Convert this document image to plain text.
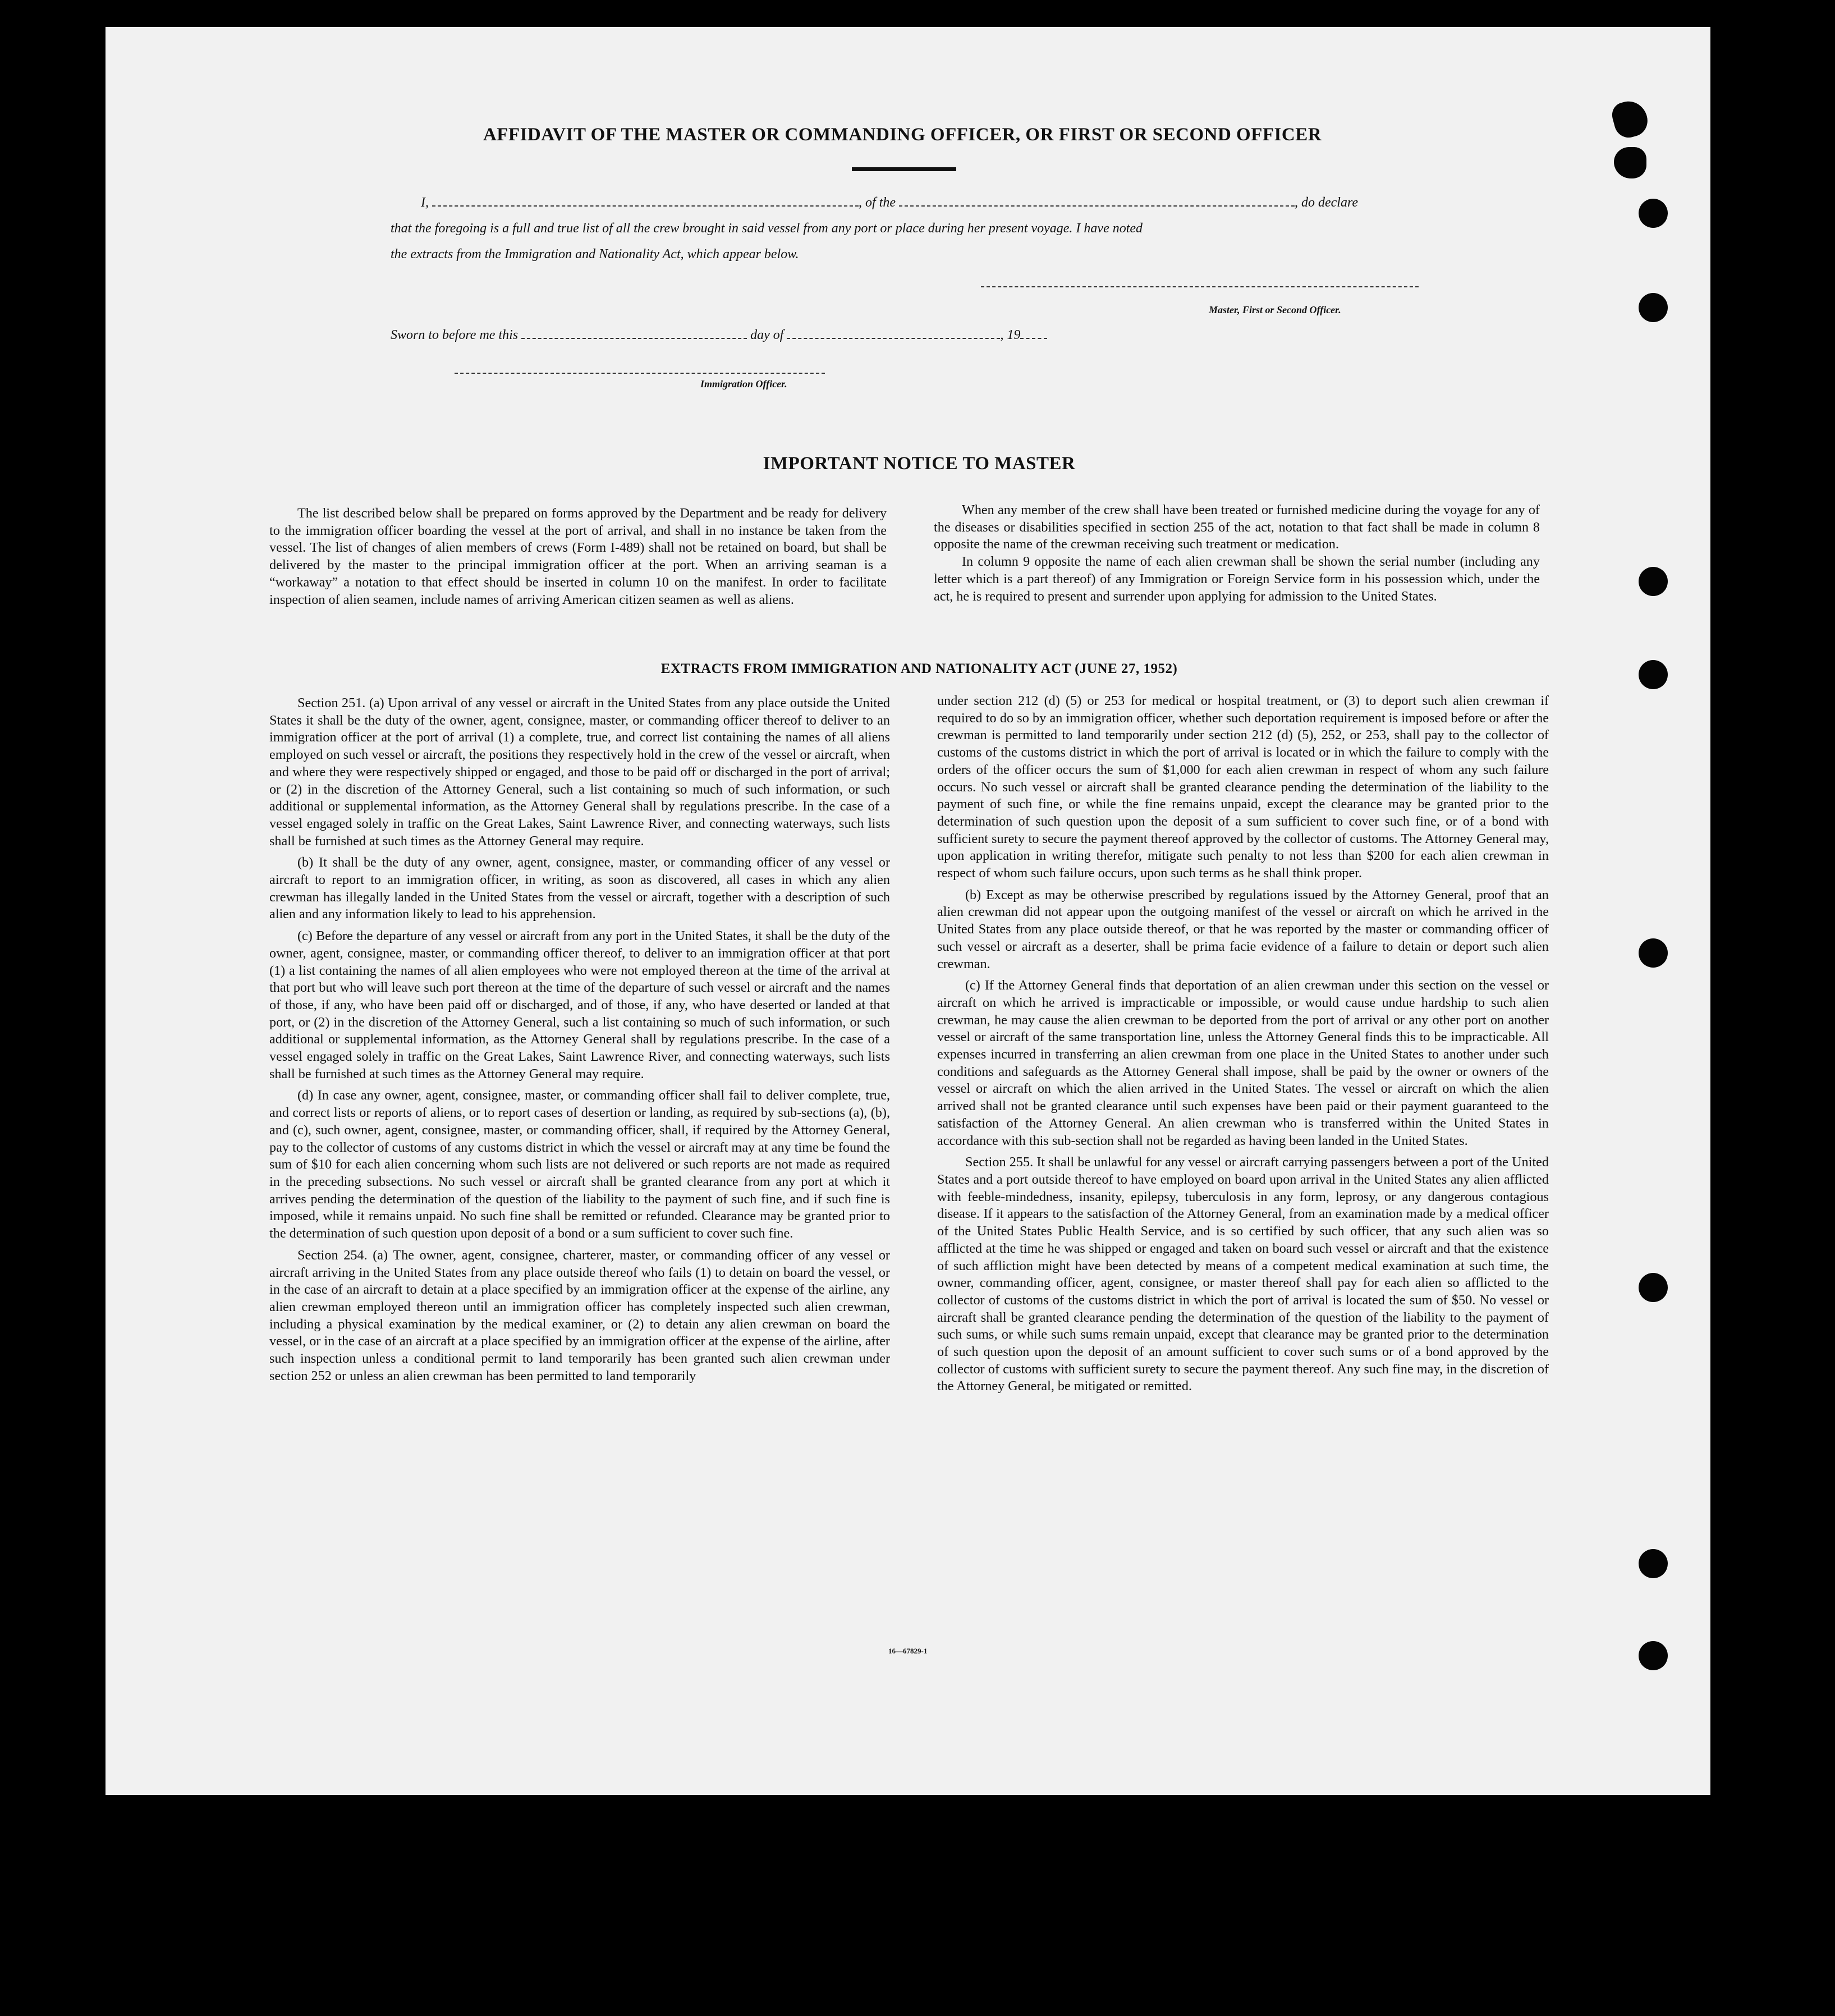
AFFIDAVIT OF THE MASTER OR COMMANDING OFFICER, OR FIRST OR SECOND OFFICER
I,	, of the	, do declare
that the foregoing is a full and true list of all the crew brought in said vessel from any port or place during her present voyage. I have noted
the extracts from the Immigration and Nationality Act, which appear below.
Master, First or Second Officer.
Sworn to before me this	day of	, 19
Immigration Officer.
IMPORTANT NOTICE TO MASTER

The list described below shall be prepared on forms approved by the Department and be ready for delivery to the immigration officer boarding the vessel at the port of arrival, and shall in no instance be taken from the vessel. The list of changes of alien members of crews (Form I-489) shall not be retained on board, but shall be delivered by the master to the principal immigration officer at the port. When an arriving seaman is a “workaway” a notation to that effect should be inserted in column 10 on the manifest. In order to facilitate inspection of alien seamen, include names of arriving American citizen seamen as well as aliens.

When any member of the crew shall have been treated or furnished medicine during the voyage for any of the diseases or disabilities specified in section 255 of the act, notation to that fact shall be made in column 8 opposite the name of the crewman receiving such treatment or medication.

In column 9 opposite the name of each alien crewman shall be shown the serial number (including any letter which is a part thereof) of any Immigration or Foreign Service form in his possession which, under the act, he is required to present and surrender upon applying for admission to the United States.

EXTRACTS FROM IMMIGRATION AND NATIONALITY ACT (JUNE 27, 1952)

Section 251. (a) Upon arrival of any vessel or aircraft in the United States from any place outside the United States it shall be the duty of the owner, agent, consignee, master, or commanding officer thereof to deliver to an immigration officer at the port of arrival (1) a complete, true, and correct list containing the names of all aliens employed on such vessel or aircraft, the positions they respectively hold in the crew of the vessel or aircraft, when and where they were respectively shipped or engaged, and those to be paid off or discharged in the port of arrival; or (2) in the discretion of the Attorney General, such a list containing so much of such information, or such additional or supplemental information, as the Attorney General shall by regulations prescribe. In the case of a vessel engaged solely in traffic on the Great Lakes, Saint Lawrence River, and connecting waterways, such lists shall be furnished at such times as the Attorney General may require.

(b) It shall be the duty of any owner, agent, consignee, master, or commanding officer of any vessel or aircraft to report to an immigration officer, in writing, as soon as discovered, all cases in which any alien crewman has illegally landed in the United States from the vessel or aircraft, together with a description of such alien and any information likely to lead to his apprehension.

(c) Before the departure of any vessel or aircraft from any port in the United States, it shall be the duty of the owner, agent, consignee, master, or commanding officer thereof, to deliver to an immigration officer at that port (1) a list containing the names of all alien employees who were not employed thereon at the time of the arrival at that port but who will leave such port thereon at the time of the departure of such vessel or aircraft and the names of those, if any, who have been paid off or discharged, and of those, if any, who have deserted or landed at that port, or (2) in the discretion of the Attorney General, such a list containing so much of such information, or such additional or supplemental information, as the Attorney General shall by regulations prescribe. In the case of a vessel engaged solely in traffic on the Great Lakes, Saint Lawrence River, and connecting waterways, such lists shall be furnished at such times as the Attorney General may require.

(d) In case any owner, agent, consignee, master, or commanding officer shall fail to deliver complete, true, and correct lists or reports of aliens, or to report cases of desertion or landing, as required by sub-sections (a), (b), and (c), such owner, agent, consignee, master, or commanding officer, shall, if required by the Attorney General, pay to the collector of customs of any customs district in which the vessel or aircraft may at any time be found the sum of $10 for each alien concerning whom such lists are not delivered or such reports are not made as required in the preceding subsections. No such vessel or aircraft shall be granted clearance from any port at which it arrives pending the determination of the question of the liability to the payment of such fine, and if such fine is imposed, while it remains unpaid. No such fine shall be remitted or refunded. Clearance may be granted prior to the determination of such question upon deposit of a bond or a sum sufficient to cover such fine.

Section 254. (a) The owner, agent, consignee, charterer, master, or commanding officer of any vessel or aircraft arriving in the United States from any place outside thereof who fails (1) to detain on board the vessel, or in the case of an aircraft to detain at a place specified by an immigration officer at the expense of the airline, any alien crewman employed thereon until an immigration officer has completely inspected such alien crewman, including a physical examination by the medical examiner, or (2) to detain any alien crewman on board the vessel, or in the case of an aircraft at a place specified by an immigration officer at the expense of the airline, after such inspection unless a conditional permit to land temporarily has been granted such alien crewman under section 252 or unless an alien crewman has been permitted to land temporarily

under section 212 (d) (5) or 253 for medical or hospital treatment, or (3) to deport such alien crewman if required to do so by an immigration officer, whether such deportation requirement is imposed before or after the crewman is permitted to land temporarily under section 212 (d) (5), 252, or 253, shall pay to the collector of customs of the customs district in which the port of arrival is located or in which the failure to comply with the orders of the officer occurs the sum of $1,000 for each alien crewman in respect of whom any such failure occurs. No such vessel or aircraft shall be granted clearance pending the determination of the liability to the payment of such fine, or while the fine remains unpaid, except the clearance may be granted prior to the determination of such question upon the deposit of a sum sufficient to cover such fine, or of a bond with sufficient surety to secure the payment thereof approved by the collector of customs. The Attorney General may, upon application in writing therefor, mitigate such penalty to not less than $200 for each alien crewman in respect of whom such failure occurs, upon such terms as he shall think proper.

(b) Except as may be otherwise prescribed by regulations issued by the Attorney General, proof that an alien crewman did not appear upon the outgoing manifest of the vessel or aircraft on which he arrived in the United States from any place outside thereof, or that he was reported by the master or commanding officer of such vessel or aircraft as a deserter, shall be prima facie evidence of a failure to detain or deport such alien crewman.

(c) If the Attorney General finds that deportation of an alien crewman under this section on the vessel or aircraft on which he arrived is impracticable or impossible, or would cause undue hardship to such alien crewman, he may cause the alien crewman to be deported from the port of arrival or any other port on another vessel or aircraft of the same transportation line, unless the Attorney General finds this to be impracticable. All expenses incurred in transferring an alien crewman from one place in the United States to another under such conditions and safeguards as the Attorney General shall impose, shall be paid by the owner or owners of the vessel or aircraft on which the alien arrived in the United States. The vessel or aircraft on which the alien arrived shall not be granted clearance until such expenses have been paid or their payment guaranteed to the satisfaction of the Attorney General. An alien crewman who is transferred within the United States in accordance with this sub-section shall not be regarded as having been landed in the United States.

Section 255. It shall be unlawful for any vessel or aircraft carrying passengers between a port of the United States and a port outside thereof to have employed on board upon arrival in the United States any alien afflicted with feeble-mindedness, insanity, epilepsy, tuberculosis in any form, leprosy, or any dangerous contagious disease. If it appears to the satisfaction of the Attorney General, from an examination made by a medical officer of the United States Public Health Service, and is so certified by such officer, that any such alien was so afflicted at the time he was shipped or engaged and taken on board such vessel or aircraft and that the existence of such affliction might have been detected by means of a competent medical examination at such time, the owner, commanding officer, agent, consignee, or master thereof shall pay for each alien so afflicted to the collector of customs of the customs district in which the port of arrival is located the sum of $50. No vessel or aircraft shall be granted clearance pending the determination of the question of the liability to the payment of such sums, or while such sums remain unpaid, except that clearance may be granted prior to the determination of such question upon the deposit of an amount sufficient to cover such sums or of a bond approved by the collector of customs with sufficient surety to secure the payment thereof. Any such fine may, in the discretion of the Attorney General, be mitigated or remitted.

16—67829-1
